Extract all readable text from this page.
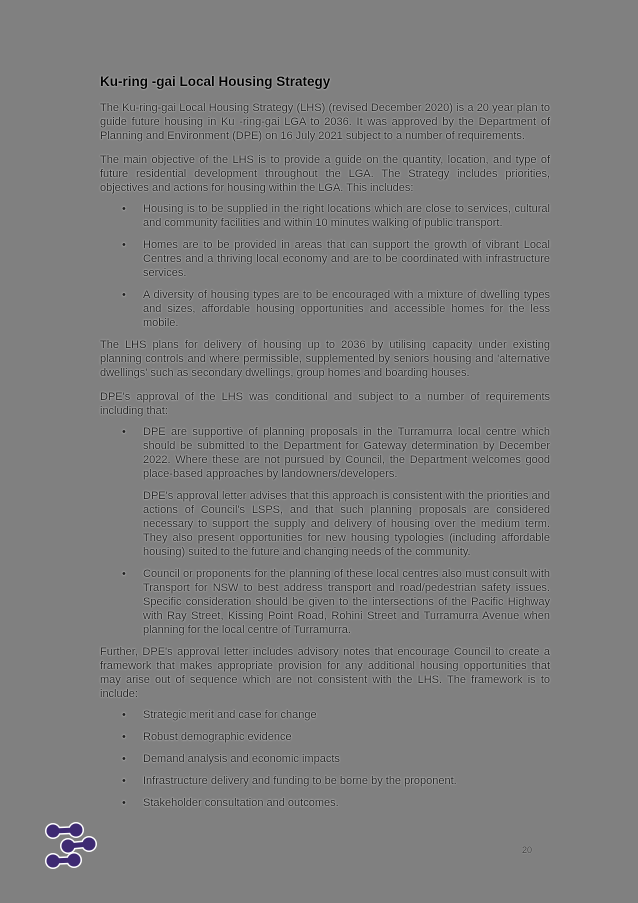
Ku-ring -gai Local Housing Strategy

The Ku-ring-gai Local Housing Strategy (LHS) (revised December 2020) is a 20 year plan to guide future housing in Ku -ring-gai LGA to 2036. It was approved by the Department of Planning and Environment (DPE) on 16 July 2021 subject to a number of requirements.

The main objective of the LHS is to provide a guide on the quantity, location, and type of future residential development throughout the LGA. The Strategy includes priorities, objectives and actions for housing within the LGA. This includes:

• Housing is to be supplied in the right locations which are close to services, cultural and community facilities and within 10 minutes walking of public transport.
• Homes are to be provided in areas that can support the growth of vibrant Local Centres and a thriving local economy and are to be coordinated with infrastructure services.
• A diversity of housing types are to be encouraged with a mixture of dwelling types and sizes, affordable housing opportunities and accessible homes for the less mobile.

The LHS plans for delivery of housing up to 2036 by utilising capacity under existing planning controls and where permissible, supplemented by seniors housing and 'alternative dwellings' such as secondary dwellings, group homes and boarding houses.

DPE's approval of the LHS was conditional and subject to a number of requirements including that:

• DPE are supportive of planning proposals in the Turramurra local centre which should be submitted to the Department for Gateway determination by December 2022. Where these are not pursued by Council, the Department welcomes good place-based approaches by landowners/developers.
DPE's approval letter advises that this approach is consistent with the priorities and actions of Council's LSPS, and that such planning proposals are considered necessary to support the supply and delivery of housing over the medium term. They also present opportunities for new housing typologies (including affordable housing) suited to the future and changing needs of the community.
• Council or proponents for the planning of these local centres also must consult with Transport for NSW to best address transport and road/pedestrian safety issues. Specific consideration should be given to the intersections of the Pacific Highway with Ray Street, Kissing Point Road, Rohini Street and Turramurra Avenue when planning for the local centre of Turramurra.

Further, DPE's approval letter includes advisory notes that encourage Council to create a framework that makes appropriate provision for any additional housing opportunities that may arise out of sequence which are not consistent with the LHS. The framework is to include:

• Strategic merit and case for change
• Robust demographic evidence
• Demand analysis and economic impacts
• Infrastructure delivery and funding to be borne by the proponent.
• Stakeholder consultation and outcomes.
20
